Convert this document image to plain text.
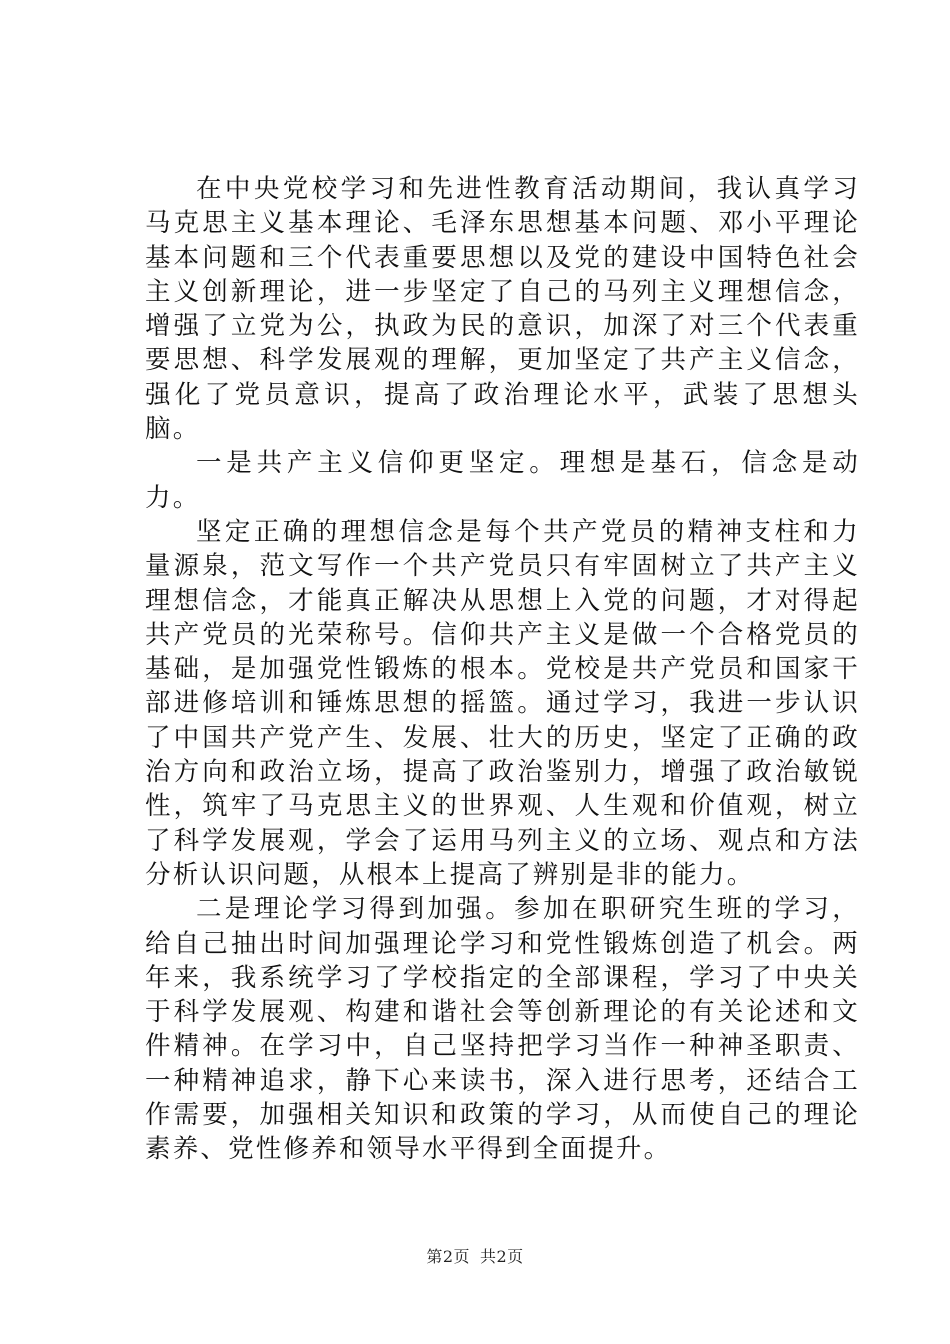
在中央党校学习和先进性教育活动期间，我认真学习马克思主义基本理论、毛泽东思想基本问题、邓小平理论基本问题和三个代表重要思想以及党的建设中国特色社会主义创新理论，进一步坚定了自己的马列主义理想信念，增强了立党为公，执政为民的意识，加深了对三个代表重要思想、科学发展观的理解，更加坚定了共产主义信念，强化了党员意识，提高了政治理论水平，武装了思想头脑。

一是共产主义信仰更坚定。理想是基石，信念是动力。

坚定正确的理想信念是每个共产党员的精神支柱和力量源泉，范文写作一个共产党员只有牢固树立了共产主义理想信念，才能真正解决从思想上入党的问题，才对得起共产党员的光荣称号。信仰共产主义是做一个合格党员的基础，是加强党性锻炼的根本。党校是共产党员和国家干部进修培训和锤炼思想的摇篮。通过学习，我进一步认识了中国共产党产生、发展、壮大的历史，坚定了正确的政治方向和政治立场，提高了政治鉴别力，增强了政治敏锐性，筑牢了马克思主义的世界观、人生观和价值观，树立了科学发展观，学会了运用马列主义的立场、观点和方法分析认识问题，从根本上提高了辨别是非的能力。

二是理论学习得到加强。参加在职研究生班的学习，给自己抽出时间加强理论学习和党性锻炼创造了机会。两年来，我系统学习了学校指定的全部课程，学习了中央关于科学发展观、构建和谐社会等创新理论的有关论述和文件精神。在学习中，自己坚持把学习当作一种神圣职责、一种精神追求，静下心来读书，深入进行思考，还结合工作需要，加强相关知识和政策的学习，从而使自己的理论素养、党性修养和领导水平得到全面提升。

第2页 共2页
